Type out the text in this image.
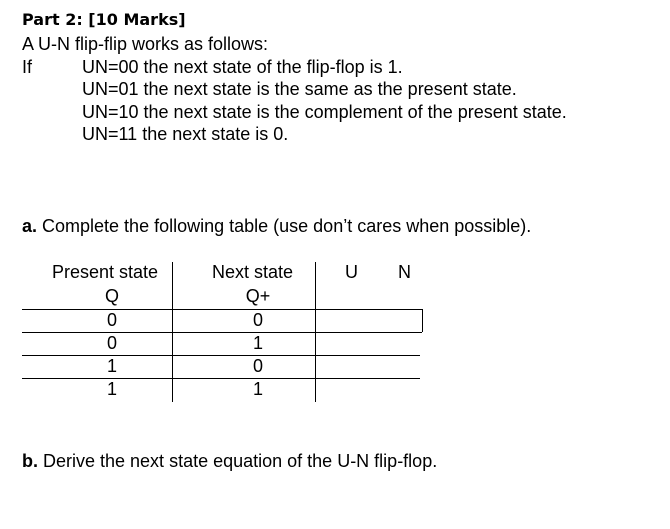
Part 2: [10 Marks]
A U-N flip-flip works as follows:
If	UN=00 the next state of the flip-flop is 1.
UN=01 the next state is the same as the present state.
UN=10 the next state is the complement of the present state.
UN=11 the next state is 0.
a. Complete the following table (use don’t cares when possible).
Present state	Next state	U N
Q	Q+
0	0
0	1
1	0
1	1
b. Derive the next state equation of the U-N flip-flop.
